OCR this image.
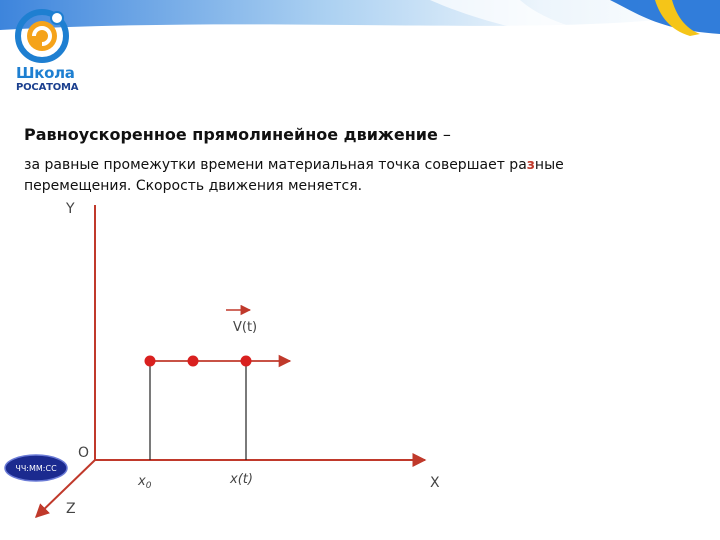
Школа
РОСАТОМА
Равноускоренное прямолинейное движение –
за равные промежутки времени материальная точка совершает разные
перемещения. Скорость движения меняется.
Y
X
Z
O
V(t)
$x_0$	x(t)
ЧЧ:ММ:СС
